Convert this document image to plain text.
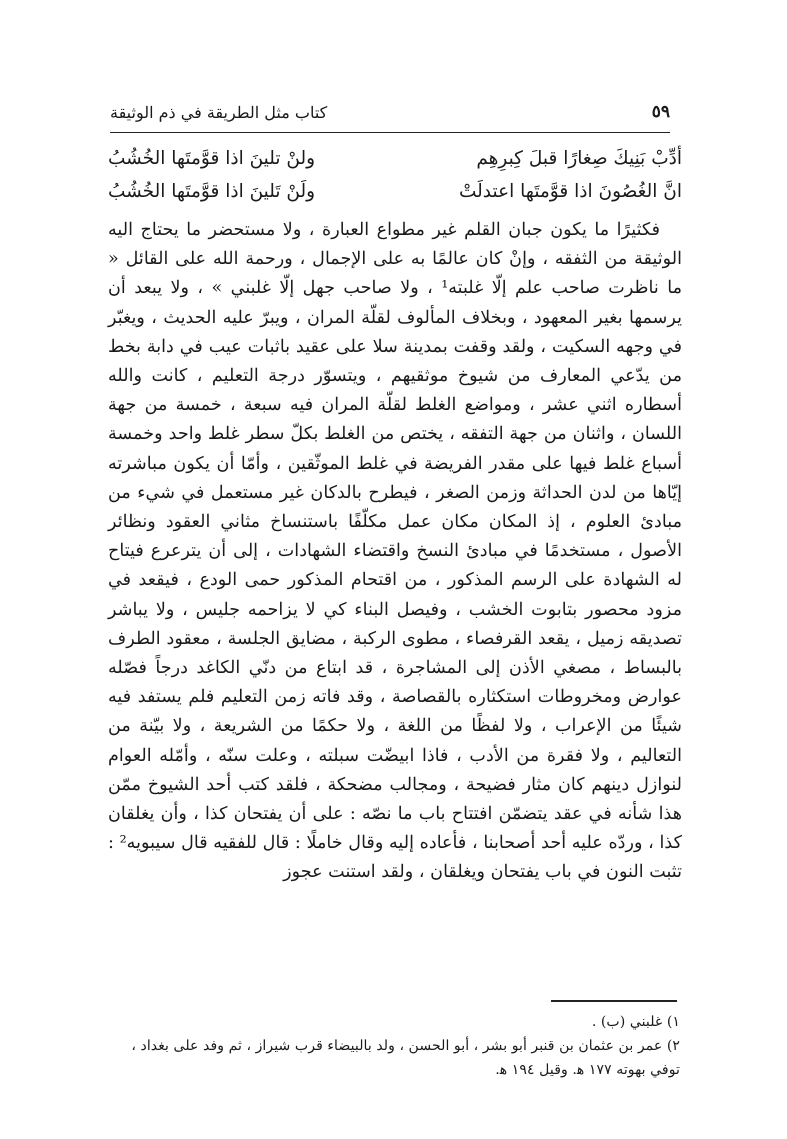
٥٩
كتاب مثل الطريقة في ذم الوثيقة
أدِّبْ بَنِيكَ صِغارًا قبلَ كِبرِهِم
ولنْ تلينَ اذا قوَّمتَها الخُشُبُ
انَّ الغُصُونَ اذا قوَّمتَها اعتدلَتْ
ولَنْ تَلينَ اذا قوَّمتَها الخُشُبُ

فكثيرًا ما يكون جبان القلم غير مطواع العبارة ، ولا مستحضر ما يحتاج اليه الوثيقة من الثفقه ، وإنْ كان عالمًا به على الإجمال ، ورحمة الله على القائل « ما ناظرت صاحب علم إلّا غلبته¹ ، ولا صاحب جهل إلّا غلبني » ، ولا يبعد أن يرسمها بغير المعهود ، وبخلاف المألوف لقلّة المران ، ويبرّ عليه الحديث ، ويغبّر في وجهه السكيت ، ولقد وقفت بمدينة سلا على عقيد باثبات عيب في دابة بخط من يدّعي المعارف من شيوخ موثقيهم ، ويتسوّر درجة التعليم ، كانت والله أسطاره اثني عشر ، ومواضع الغلط لقلّة المران فيه سبعة ، خمسة من جهة اللسان ، واثنان من جهة التفقه ، يختص من الغلط بكلّ سطر غلط واحد وخمسة أسباع غلط فيها على مقدر الفريضة في غلط الموثّقين ، وأمّا أن يكون مباشرته إيّاها من لدن الحداثة وزمن الصغر ، فيطرح بالدكان غير مستعمل في شيء من مبادئ العلوم ، إذ المكان مكان عمل مكلّفًا باستنساخ مثاني العقود ونظائر الأصول ، مستخدمًا في مبادئ النسخ واقتضاء الشهادات ، إلى أن يترعرع فيتاح له الشهادة على الرسم المذكور ، من اقتحام المذكور حمى الودع ، فيقعد في مزود محصور بتابوت الخشب ، وفيصل البناء كي لا يزاحمه جليس ، ولا يباشر تصديقه زميل ، يقعد القرفصاء ، مطوى الركبة ، مضايق الجلسة ، معقود الطرف بالبساط ، مصغي الأذن إلى المشاجرة ، قد ابتاع من دنّي الكاغد درجاً فصّله عوارض ومخروطات استكثاره بالقصاصة ، وقد فاته زمن التعليم فلم يستفد فيه شيئًا من الإعراب ، ولا لفظًا من اللغة ، ولا حكمًا من الشريعة ، ولا بيّنة من التعاليم ، ولا فقرة من الأدب ، فاذا ابيضّت سبلته ، وعلت سنّه ، وأمّله العوام لنوازل دينهم كان مثار فضيحة ، ومجالب مضحكة ، فلقد كتب أحد الشيوخ ممّن هذا شأنه في عقد يتضمّن افتتاح باب ما نصّه : على أن يفتحان كذا ، وأن يغلقان كذا ، وردّه عليه أحد أصحابنا ، فأعاده إليه وقال خاملًا : قال للفقيه قال سيبويه² : تثبت النون في باب يفتحان ويغلقان ، ولقد استنت عجوز

١) غلبني (ب) .

٢) عمر بن عثمان بن قنبر أبو بشر ، أبو الحسن ، ولد بالبيضاء قرب شيراز ، ثم وفد على بغداد ، توفي بهوته ١٧٧ ﻫ. وقيل ١٩٤ ﻫ.
